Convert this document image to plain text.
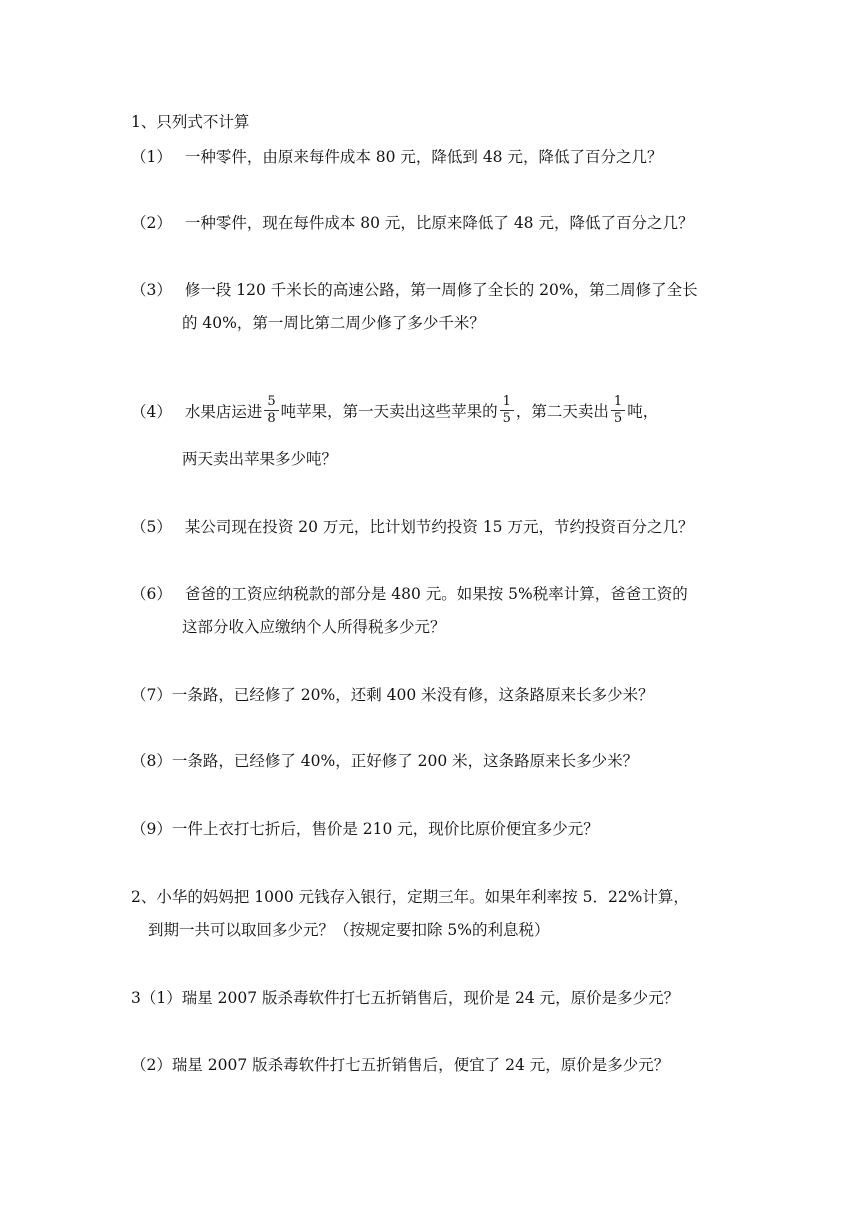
1、只列式不计算
（1） 一种零件，由原来每件成本 80 元，降低到 48 元，降低了百分之几？
（2） 一种零件，现在每件成本 80 元，比原来降低了 48 元，降低了百分之几？
（3） 修一段 120 千米长的高速公路，第一周修了全长的 20%，第二周修了全长
的 40%，第一周比第二周少修了多少千米？
（4） 水果店运进 $\frac{5}{8}$ 吨苹果，第一天卖出这些苹果的 $\frac{1}{5}$ ，第二天卖出 $\frac{1}{5}$ 吨，
两天卖出苹果多少吨？
（5） 某公司现在投资 20 万元，比计划节约投资 15 万元，节约投资百分之几？
（6） 爸爸的工资应纳税款的部分是 480 元。如果按 5%税率计算，爸爸工资的
这部分收入应缴纳个人所得税多少元？
（7）一条路，已经修了 20%，还剩 400 米没有修，这条路原来长多少米？
（8）一条路，已经修了 40%，正好修了 200 米，这条路原来长多少米？
（9）一件上衣打七折后，售价是 210 元，现价比原价便宜多少元？
2、小华的妈妈把 1000 元钱存入银行，定期三年。如果年利率按 5．22%计算，
到期一共可以取回多少元？（按规定要扣除 5%的利息税）
3（1）瑞星 2007 版杀毒软件打七五折销售后，现价是 24 元，原价是多少元？
（2）瑞星 2007 版杀毒软件打七五折销售后，便宜了 24 元，原价是多少元？
